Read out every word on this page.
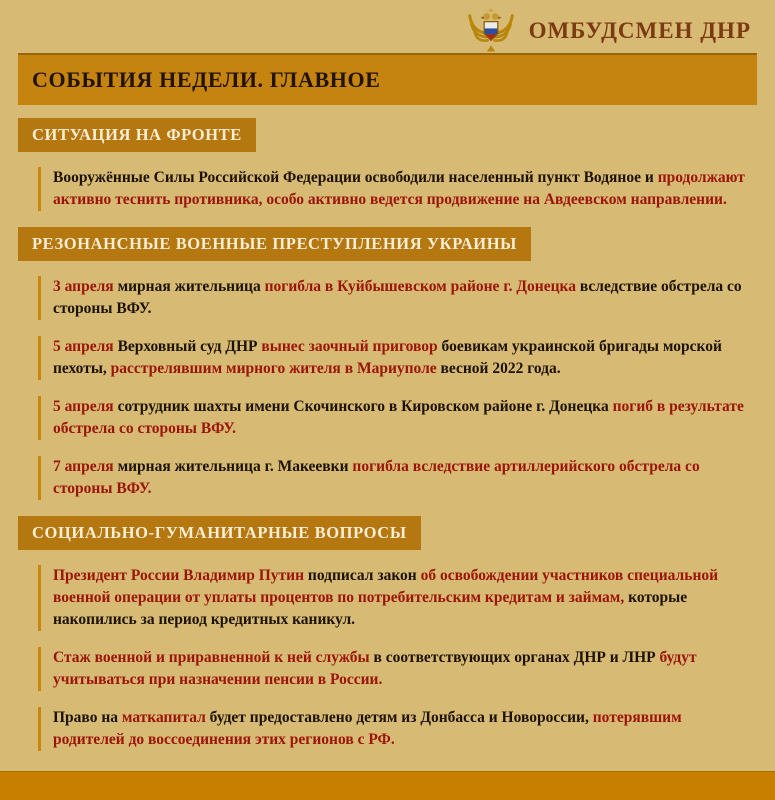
ОМБУДСМЕН ДНР
СОБЫТИЯ НЕДЕЛИ. ГЛАВНОЕ
СИТУАЦИЯ НА ФРОНТЕ

Вооружённые Силы Российской Федерации освободили населенный пункт Водяное и продолжают активно теснить противника, особо активно ведется продвижение на Авдеевском направлении.

РЕЗОНАНСНЫЕ ВОЕННЫЕ ПРЕСТУПЛЕНИЯ УКРАИНЫ

3 апреля мирная жительница погибла в Куйбышевском районе г. Донецка вследствие обстрела со стороны ВФУ.

5 апреля Верховный суд ДНР вынес заочный приговор боевикам украинской бригады морской пехоты, расстрелявшим мирного жителя в Мариуполе весной 2022 года.

5 апреля сотрудник шахты имени Скочинского в Кировском районе г. Донецка погиб в результате обстрела со стороны ВФУ.

7 апреля мирная жительница г. Макеевки погибла вследствие артиллерийского обстрела со стороны ВФУ.

СОЦИАЛЬНО-ГУМАНИТАРНЫЕ ВОПРОСЫ

Президент России Владимир Путин подписал закон об освобождении участников специальной военной операции от уплаты процентов по потребительским кредитам и займам, которые накопились за период кредитных каникул.

Стаж военной и приравненной к ней службы в соответствующих органах ДНР и ЛНР будут учитываться при назначении пенсии в России.

Право на маткапитал будет предоставлено детям из Донбасса и Новороссии, потерявшим родителей до воссоединения этих регионов с РФ.
